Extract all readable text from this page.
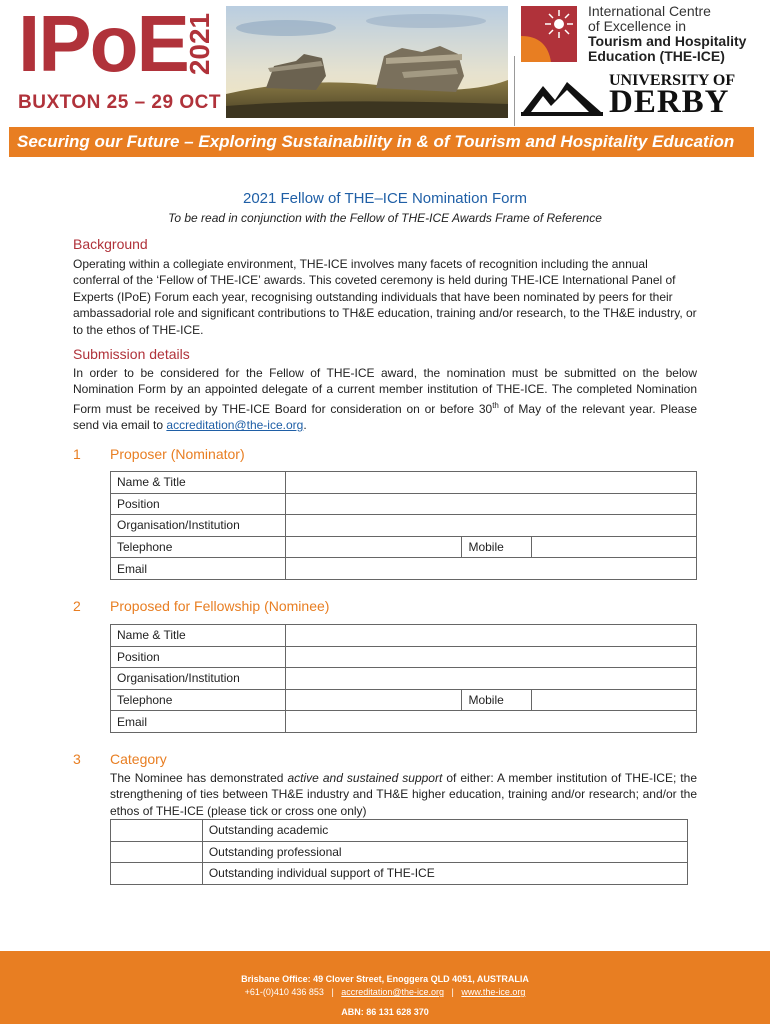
IPoE
2021
BUXTON 25 – 29 OCT
International Centre
of Excellence in
Tourism and Hospitality
Education (THE-ICE)
UNIVERSITY OF
DERBY
Securing our Future – Exploring Sustainability in & of Tourism and Hospitality Education
2021 Fellow of THE–ICE Nomination Form
To be read in conjunction with the Fellow of THE-ICE Awards Frame of Reference
Background
Operating within a collegiate environment, THE-ICE involves many facets of recognition including the annual conferral of the ‘Fellow of THE-ICE’ awards. This coveted ceremony is held during THE-ICE International Panel of Experts (IPoE) Forum each year, recognising outstanding individuals that have been nominated by peers for their ambassadorial role and significant contributions to TH&E education, training and/or research, to the TH&E industry, or to the ethos of THE-ICE.
Submission details
In order to be considered for the Fellow of THE-ICE award, the nomination must be submitted on the below Nomination Form by an appointed delegate of a current member institution of THE-ICE. The completed Nomination Form must be received by THE-ICE Board for consideration on or before 30th of May of the relevant year. Please send via email to accreditation@the-ice.org.
1 Proposer (Nominator)
Name & Title			
Position			
Organisation/Institution			
Telephone		Mobile	
Email			
2 Proposed for Fellowship (Nominee)
Name & Title			
Position			
Organisation/Institution			
Telephone		Mobile	
Email			
3 Category
The Nominee has demonstrated active and sustained support of either: A member institution of THE-ICE; the strengthening of ties between TH&E industry and TH&E higher education, training and/or research; and/or the ethos of THE-ICE (please tick or cross one only)
	Outstanding academic
	Outstanding professional
	Outstanding individual support of THE-ICE
Brisbane Office: 49 Clover Street, Enoggera QLD 4051, AUSTRALIA
+61-(0)410 436 853 | accreditation@the-ice.org | www.the-ice.org
ABN: 86 131 628 370
